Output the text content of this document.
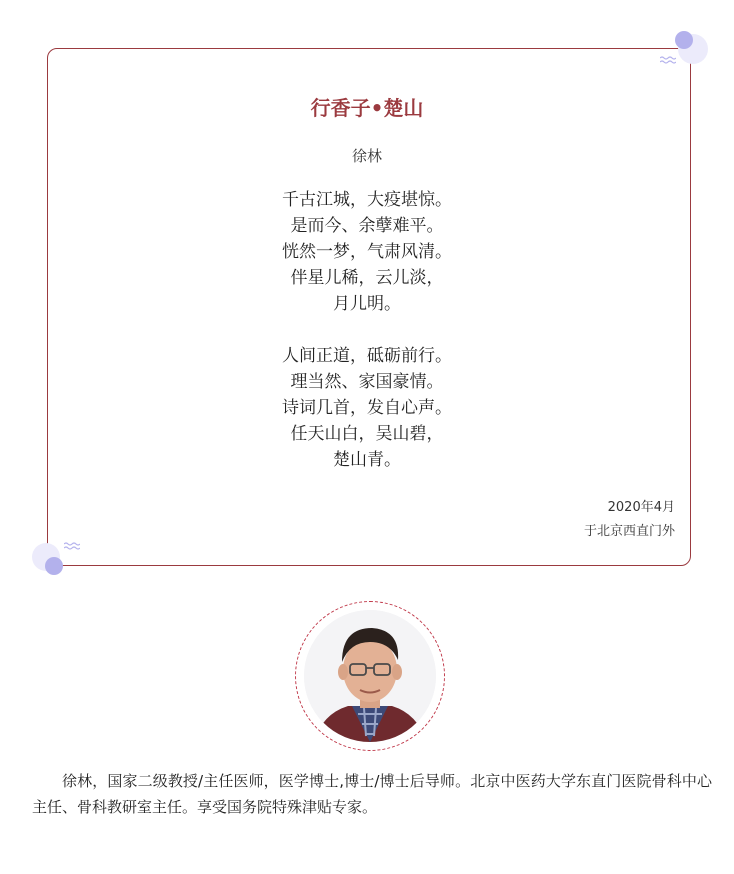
行香子•楚山
徐林
千古江城，大疫堪惊。
是而今、余孽难平。
恍然一梦，气肃风清。
伴星儿稀，云儿淡，
月儿明。
人间正道，砥砺前行。
理当然、家国豪情。
诗词几首，发自心声。
任天山白，吴山碧，
楚山青。
2020年4月
于北京西直门外
徐林，国家二级教授/主任医师，医学博士,博士/博士后导师。北京中医药大学东直门医院骨科中心主任、骨科教研室主任。享受国务院特殊津贴专家。
